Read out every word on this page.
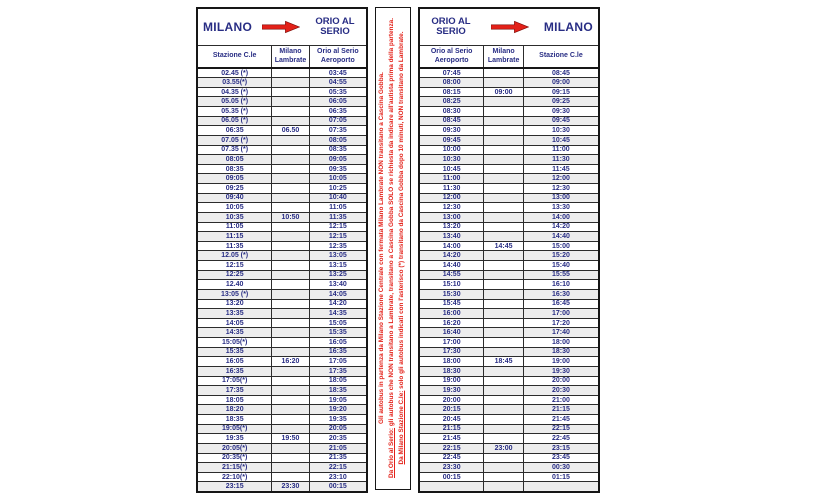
MILANO ORIO AL SERIO		

Stazione C.le	Milano Lambrate	Orio al Serio Aeroporto
02.45 (*)		03:45
03.55(*)		04:55
04.35 (*)		05:35
05.05 (*)		06:05
05.35 (*)		06:35
06.05 (*)		07:05
06:35	06.50	07:35
07.05 (*)		08:05
07.35 (*)		08:35
08:05		09:05
08:35		09:35
09:05		10:05
09:25		10:25
09:40		10:40
10:05		11:05
10:35	10:50	11:35
11:05		12:15
11:15		12:15
11:35		12:35
12.05 (*)		13:05
12:15		13:15
12:25		13:25
12.40		13:40
13:05 (*)		14:05
13:20		14:20
13:35		14:35
14:05		15:05
14:35		15:35
15:05(*)		16:05
15:35		16:35
16:05	16:20	17:05
16:35		17:35
17:05(*)		18:05
17:35		18:35
18:05		19:05
18:20		19:20
18:35		19:35
19:05(*)		20:05
19:35	19:50	20:35
20:05(*)		21:05
20:35(*)		21:35
21:15(*)		22:15
22:10(*)		23:10
23:15	23:30	00:15
Gli autobus in partenza da Milano Stazione Centrale con fermata Milano Lambrate NON transitano a Cascina Gobba.
Da Orio al Serio: gli autobus che NON transitano a Lambrate, transitano a Cascina Gobba SOLO se richiesta da indicare all'autista prima della partenza. Da Milano Stazione C.le: solo gli autobus indicati con l'asterisco (*) transitano da Cascina Gobba dopo 10 minuti, NON transitano da Lambrate.
ORIO AL SERIO MILANO		

Orio al Serio Aeroporto	Milano Lambrate	Stazione C.le
07:45		08:45
08:00		09:00
08:15	09:00	09:15
08:25		09:25
08:30		09:30
08:45		09:45
09:30		10:30
09:45		10:45
10:00		11:00
10:30		11:30
10:45		11:45
11:00		12:00
11:30		12:30
12:00		13:00
12:30		13:30
13:00		14:00
13:20		14:20
13:40		14:40
14:00	14:45	15:00
14:20		15:20
14:40		15:40
14:55		15:55
15:10		16:10
15:30		16:30
15:45		16:45
16:00		17:00
16:20		17:20
16:40		17:40
17:00		18:00
17:30		18:30
18:00	18:45	19:00
18:30		19:30
19:00		20:00
19:30		20:30
20:00		21:00
20:15		21:15
20:45		21:45
21:15		22:15
21:45		22:45
22:15	23:00	23:15
22:45		23:45
23:30		00:30
00:15		01:15
